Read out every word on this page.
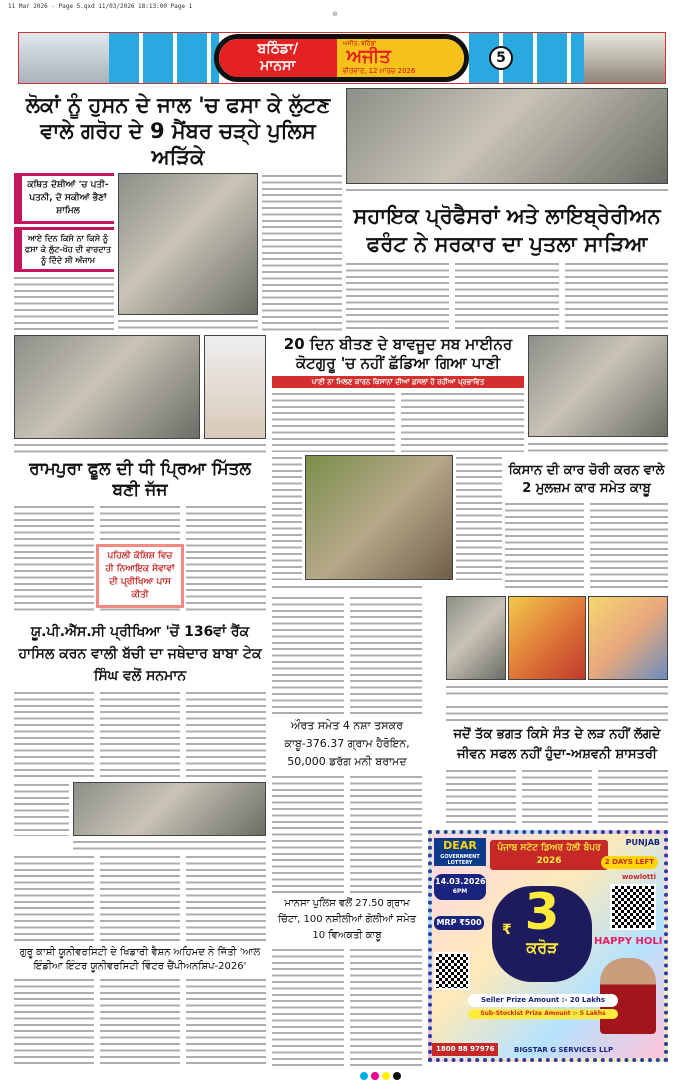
11 Mar 2026 - Page 5.qxd 11/03/2026 18:13:00 Page 1
⊕
ਬਠਿੰਡਾ/
ਮਾਨਸਾ
ਅਜੀਤ, ਬਠਿੰਡਾ
ਅਜੀਤ
ਵੀਰਵਾਰ, 12 ਮਾਰਚ 2026
5
ਲੋਕਾਂ ਨੂੰ ਹੁਸਨ ਦੇ ਜਾਲ 'ਚ ਫਸਾ ਕੇ ਲੁੱਟਣ ਵਾਲੇ ਗਰੋਹ ਦੇ 9 ਮੈਂਬਰ ਚੜ੍ਹੇ ਪੁਲਿਸ ਅੜਿੱਕੇ
ਕਥਿਤ ਦੋਸ਼ੀਆਂ 'ਚ ਪਤੀ-ਪਤਨੀ, ਦੋ ਸਕੀਆਂ ਭੈਣਾਂ ਸ਼ਾਮਿਲ
ਆਏ ਦਿਨ ਕਿਸੇ ਨਾ ਕਿਸੇ ਨੂੰ ਫਸਾ ਕੇ ਲੁੱਟ-ਖੋਹ ਦੀ ਵਾਰਦਾਤ ਨੂੰ ਦਿੰਦੇ ਸੀ ਅੰਜਾਮ
ਸਹਾਇਕ ਪ੍ਰੋਫੈਸਰਾਂ ਅਤੇ ਲਾਇਬ੍ਰੇਰੀਅਨ ਫਰੰਟ ਨੇ ਸਰਕਾਰ ਦਾ ਪੁਤਲਾ ਸਾੜਿਆ
20 ਦਿਨ ਬੀਤਣ ਦੇ ਬਾਵਜੂਦ ਸਬ ਮਾਈਨਰ ਕੋਟਗੁਰੂ 'ਚ ਨਹੀਂ ਛੱਡਿਆ ਗਿਆ ਪਾਣੀ
ਪਾਣੀ ਨਾ ਮਿਲਣ ਕਾਰਨ ਕਿਸਾਨਾਂ ਦੀਆਂ ਫ਼ਸਲਾਂ ਹੋ ਰਹੀਆਂ ਪ੍ਰਭਾਵਿਤ
ਰਾਮਪੁਰਾ ਫੂਲ ਦੀ ਧੀ ਪ੍ਰਿਆ ਮਿੱਤਲ ਬਣੀ ਜੱਜ
ਪਹਿਲੀ ਕੋਸ਼ਿਸ਼ ਵਿਚ ਹੀ ਨਿਆਇਕ ਸੇਵਾਵਾਂ ਦੀ ਪ੍ਰੀਖਿਆ ਪਾਸ ਕੀਤੀ
ਯੂ.ਪੀ.ਐੱਸ.ਸੀ ਪ੍ਰੀਖਿਆ 'ਚੋਂ 136ਵਾਂ ਰੈਂਕ ਹਾਸਿਲ ਕਰਨ ਵਾਲੀ ਬੱਚੀ ਦਾ ਜਥੇਦਾਰ ਬਾਬਾ ਟੇਕ ਸਿੰਘ ਵਲੋਂ ਸਨਮਾਨ
ਗੁਰੂ ਕਾਸ਼ੀ ਯੂਨੀਵਰਸਿਟੀ ਦੇ ਖਿਡਾਰੀ ਵੈਸ਼ਨ ਅਹਿਮਦ ਨੇ ਜਿੱਤੀ 'ਆਲ ਇੰਡੀਆ ਇੰਟਰ ਯੂਨੀਵਰਸਿਟੀ ਵਿੰਟਰ ਚੈਂਪੀਅਨਸ਼ਿਪ-2026'
ਔਰਤ ਸਮੇਤ 4 ਨਸ਼ਾ ਤਸਕਰ ਕਾਬੂ-376.37 ਗ੍ਰਾਮ ਹੈਰੋਇਨ, 50,000 ਡਰੱਗ ਮਨੀ ਬਰਾਮਦ
ਮਾਨਸਾ ਪੁਲਿਸ ਵਲੋਂ 27.50 ਗ੍ਰਾਮ ਚਿੱਟਾ, 100 ਨਸ਼ੀਲੀਆਂ ਗੋਲੀਆਂ ਸਮੇਤ 10 ਵਿਅਕਤੀ ਕਾਬੂ
ਕਿਸਾਨ ਦੀ ਕਾਰ ਚੋਰੀ ਕਰਨ ਵਾਲੇ 2 ਮੁਲਜ਼ਮ ਕਾਰ ਸਮੇਤ ਕਾਬੂ
ਜਦੋਂ ਤੱਕ ਭਗਤ ਕਿਸੇ ਸੰਤ ਦੇ ਲੜ ਨਹੀਂ ਲੱਗਦੇ ਜੀਵਨ ਸਫਲ ਨਹੀਂ ਹੁੰਦਾ-ਅਸ਼ਵਨੀ ਸ਼ਾਸਤਰੀ
DEAR
GOVERNMENT LOTTERY
ਪੰਜਾਬ ਸਟੇਟ ਡਿਅਰ ਹੋਲੀ ਬੰਪਰ 2026
PUNJAB
2 DAYS LEFT
14.03.2026
6PM
MRP ₹500 3
ਕਰੋੜ
₹
wowlotti
HAPPY HOLI
Seller Prize Amount :- 20 Lakhs
Sub-Stockist Prize Amount :- 5 Lakhs
1800 88 97976	BIGSTAR G SERVICES LLP
